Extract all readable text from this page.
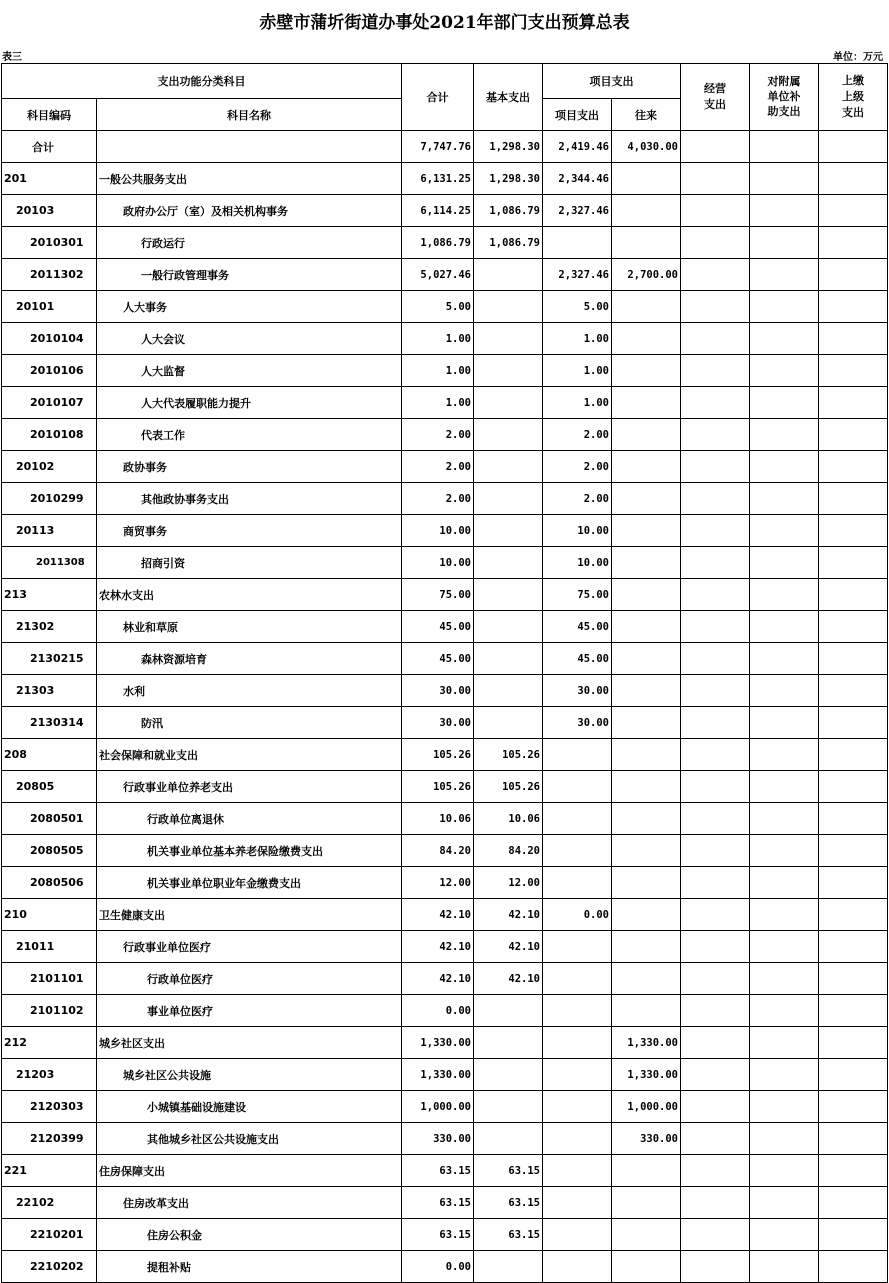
赤壁市蒲圻街道办事处2021年部门支出预算总表
表三	单位：万元
支出功能分类科目		合计	基本支出	项目支出		经营支出	对附属单位补助支出	上缴上级支出
科目编码	科目名称			项目支出	往来			
合计		7,747.76	1,298.30	2,419.46	4,030.00			
201	一般公共服务支出	6,131.25	1,298.30	2,344.46				
20103	政府办公厅（室）及相关机构事务	6,114.25	1,086.79	2,327.46				
2010301	行政运行	1,086.79	1,086.79					
2011302	一般行政管理事务	5,027.46		2,327.46	2,700.00			
20101	人大事务	5.00		5.00				
2010104	人大会议	1.00		1.00				
2010106	人大监督	1.00		1.00				
2010107	人大代表履职能力提升	1.00		1.00				
2010108	代表工作	2.00		2.00				
20102	政协事务	2.00		2.00				
2010299	其他政协事务支出	2.00		2.00				
20113	商贸事务	10.00		10.00				
2011308	招商引资	10.00		10.00				
213	农林水支出	75.00		75.00				
21302	林业和草原	45.00		45.00				
2130215	森林资源培育	45.00		45.00				
21303	水利	30.00		30.00				
2130314	防汛	30.00		30.00				
208	社会保障和就业支出	105.26	105.26					
20805	行政事业单位养老支出	105.26	105.26					
2080501	行政单位离退休	10.06	10.06					
2080505	机关事业单位基本养老保险缴费支出	84.20	84.20					
2080506	机关事业单位职业年金缴费支出	12.00	12.00					
210	卫生健康支出	42.10	42.10	0.00				
21011	行政事业单位医疗	42.10	42.10					
2101101	行政单位医疗	42.10	42.10					
2101102	事业单位医疗	0.00						
212	城乡社区支出	1,330.00			1,330.00			
21203	城乡社区公共设施	1,330.00			1,330.00			
2120303	小城镇基础设施建设	1,000.00			1,000.00			
2120399	其他城乡社区公共设施支出	330.00			330.00			
221	住房保障支出	63.15	63.15					
22102	住房改革支出	63.15	63.15					
2210201	住房公积金	63.15	63.15					
2210202	提租补贴	0.00						
